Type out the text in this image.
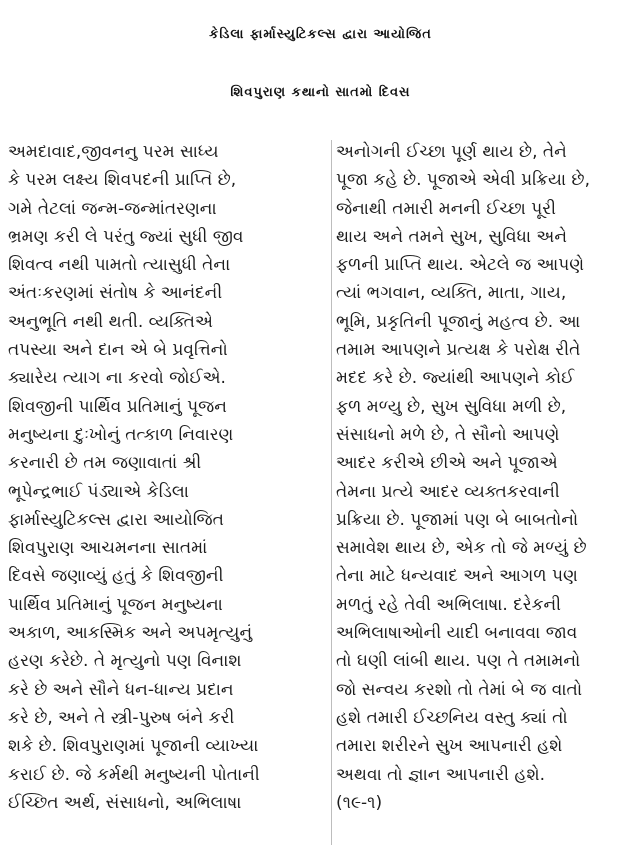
કેડિલા ફાર્માસ્યુટિકલ્સ દ્વારા આયોજિત
શિવપુરાણ કથાનો સાતમો દિવસ
અમદાવાદ,જીવનનુ પરમ સાધ્ય
કે પરમ લક્ષ્ય શિવપદની પ્રાપ્તિ છે,
ગમે તેટલાં જન્મ-જન્માંતરણના
ભ્રમણ કરી લે પરંતુ જ્યાં સુધી જીવ
શિવત્વ નથી પામતો ત્યાસુધી તેના
અંતઃકરણમાં સંતોષ કે આનંદની
અનુભૂતિ નથી થતી. વ્યક્તિએ
તપસ્યા અને દાન એ બે પ્રવૃત્તિનો
ક્યારેય ત્યાગ ના કરવો જોઈએ.
શિવજીની પાર્થિવ પ્રતિમાનું પૂજન
મનુષ્યના દુઃખોનું તત્કાળ નિવારણ
કરનારી છે તમ જણાવાતાં શ્રી
ભૂપેન્દ્રભાઈ પંડ્યાએ કેડિલા
ફાર્માસ્યુટિકલ્સ દ્વારા આયોજિત
શિવપુરાણ આચમનના સાતમાં
દિવસે જણાવ્યું હતું કે શિવજીની
પાર્થિવ પ્રતિમાનું પૂજન મનુષ્યના
અકાળ, આકસ્મિક અને અપમૃત્યુનું
હરણ કરેછે. તે મૃત્યુનો પણ વિનાશ
કરે છે અને સૌને ધન-ધાન્ય પ્રદાન
કરે છે, અને તે સ્ત્રી-પુરુષ બંને કરી
શકે છે. શિવપુરાણમાં પૂજાની વ્યાખ્યા
કરાઈ છે. જે કર્મથી મનુષ્યની પોતાની
ઈચ્છિત અર્થ, સંસાધનો, અભિલાષા
અનોગની ઈચ્છા પૂર્ણ થાય છે, તેને
પૂજા કહે છે. પૂજાએ એવી પ્રક્રિયા છે,
જેનાથી તમારી મનની ઈચ્છા પૂરી
થાય અને તમને સુખ, સુવિધા અને
ફળની પ્રાપ્તિ થાય. એટલે જ આપણે
ત્યાં ભગવાન, વ્યક્તિ, માતા, ગાય,
ભૂમિ, પ્રકૃતિની પૂજાનું મહત્વ છે. આ
તમામ આપણને પ્રત્યક્ષ કે પરોક્ષ રીતે
મદદ કરે છે. જ્યાંથી આપણને કોઈ
ફળ મળ્યુ છે, સુખ સુવિધા મળી છે,
સંસાધનો મળે છે, તે સૌનો આપણે
આદર કરીએ છીએ અને પૂજાએ
તેમના પ્રત્યે આદર વ્યક્તકરવાની
પ્રક્રિયા છે. પૂજામાં પણ બે બાબતોનો
સમાવેશ થાય છે, એક તો જે મળ્યું છે
તેના માટે ધન્યવાદ અને આગળ પણ
મળતું રહે તેવી અભિલાષા. દરેકની
અભિલાષાઓની યાદી બનાવવા જાવ
તો ઘણી લાંબી થાય. પણ તે તમામનો
જો સન્વય કરશો તો તેમાં બે જ વાતો
હશે તમારી ઈચ્છનિય વસ્તુ ક્યાં તો
તમારા શરીરને સુખ આપનારી હશે
અથવા તો જ્ઞાન આપનારી હશે.
(૧૯-૧)
